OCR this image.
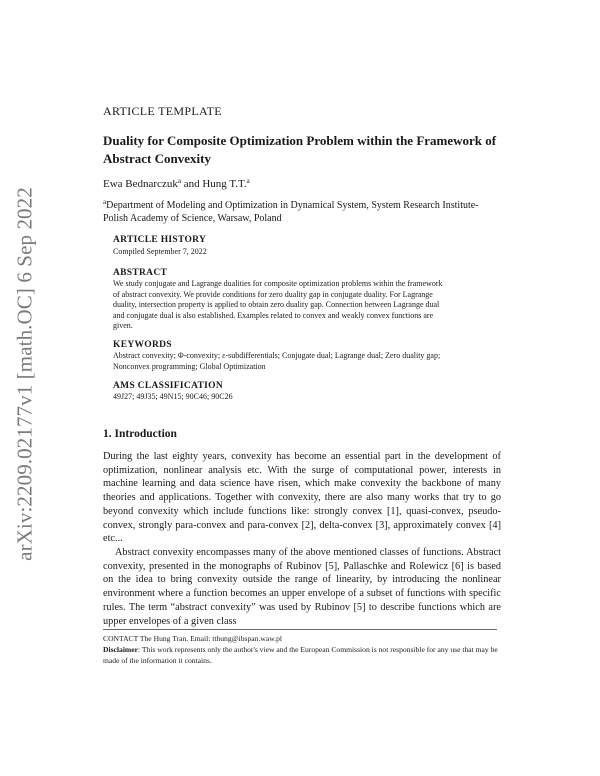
arXiv:2209.02177v1 [math.OC] 6 Sep 2022
ARTICLE TEMPLATE
Duality for Composite Optimization Problem within the Framework of Abstract Convexity
Ewa Bednarczuk$^a$ and Hung T.T.$^a$
$^a$Department of Modeling and Optimization in Dynamical System, System Research Institute-Polish Academy of Science, Warsaw, Poland
ARTICLE HISTORY
Compiled September 7, 2022
ABSTRACT
We study conjugate and Lagrange dualities for composite optimization problems within the framework of abstract convexity. We provide conditions for zero duality gap in conjugate duality. For Lagrange duality, intersection property is applied to obtain zero duality gap. Connection between Lagrange dual and conjugate dual is also established. Examples related to convex and weakly convex functions are given.
KEYWORDS
Abstract convexity; Φ-convexity; ε-subdifferentials; Conjugate dual; Lagrange dual; Zero duality gap; Nonconvex programming; Global Optimization
AMS CLASSIFICATION
49J27; 49J35; 49N15; 90C46; 90C26
1. Introduction
During the last eighty years, convexity has become an essential part in the development of optimization, nonlinear analysis etc. With the surge of computational power, interests in machine learning and data science have risen, which make convexity the backbone of many theories and applications. Together with convexity, there are also many works that try to go beyond convexity which include functions like: strongly convex [1], quasi-convex, pseudo-convex, strongly para-convex and para-convex [2], delta-convex [3], approximately convex [4] etc...
Abstract convexity encompasses many of the above mentioned classes of functions. Abstract convexity, presented in the monographs of Rubinov [5], Pallaschke and Rolewicz [6] is based on the idea to bring convexity outside the range of linearity, by introducing the nonlinear environment where a function becomes an upper envelope of a subset of functions with specific rules. The term “abstract convexity” was used by Rubinov [5] to describe functions which are upper envelopes of a given class
CONTACT The Hung Tran. Email: tthung@ibspan.waw.pl
Disclaimer: This work represents only the author's view and the European Commission is not responsible for any use that may be made of the information it contains.
